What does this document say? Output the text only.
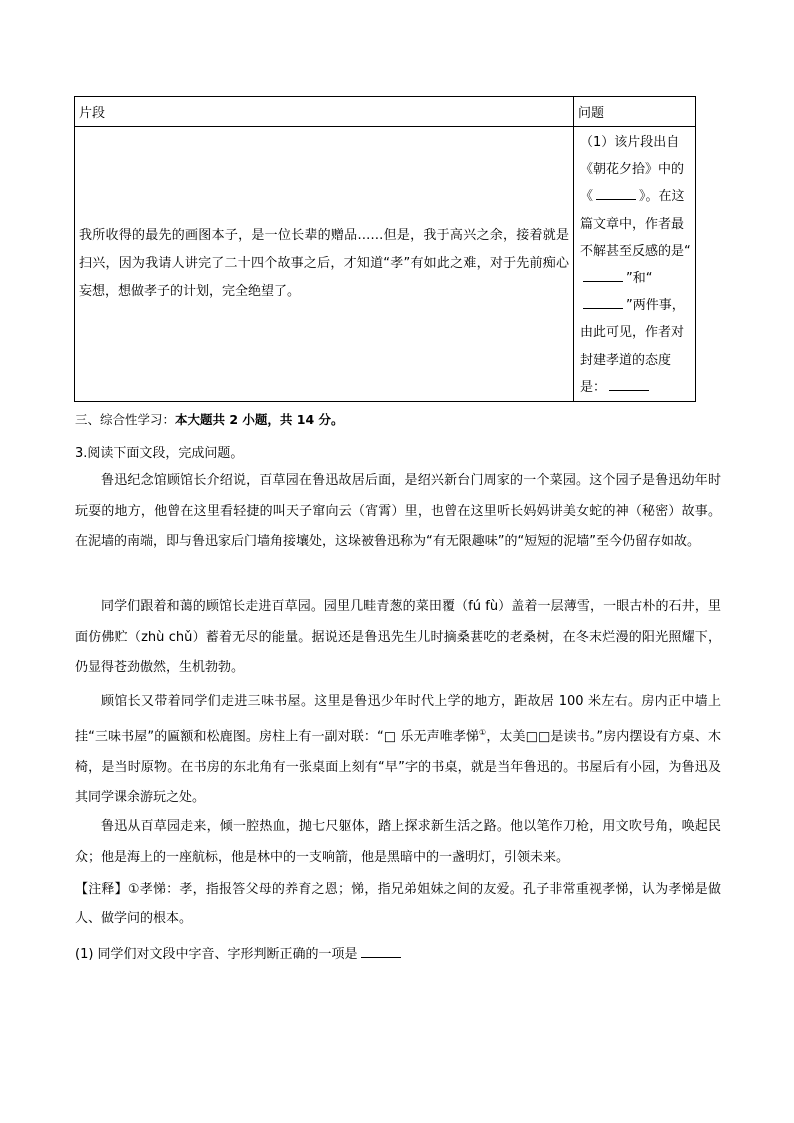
片段	问题

我所收得的最先的画图本子，是一位长辈的赠品……但是，我于高兴之余，接着就是扫兴，因为我请人讲完了二十四个故事之后，才知道“孝”有如此之难，对于先前痴心妄想，想做孝子的计划，完全绝望了。	（1）该片段出自《朝花夕拾》中的《 》。在这篇文章中，作者最不解甚至反感的是“”和“”两件事，由此可见，作者对封建孝道的态度是：
三、综合性学习：本大题共 2 小题，共 14 分。
3.阅读下面文段，完成问题。
鲁迅纪念馆顾馆长介绍说，百草园在鲁迅故居后面，是绍兴新台门周家的一个菜园。这个园子是鲁迅幼年时玩耍的地方，他曾在这里看轻捷的叫天子窜向云（宵霄）里，也曾在这里听长妈妈讲美女蛇的神（秘密）故事。在泥墙的南端，即与鲁迅家后门墙角接壤处，这垛被鲁迅称为“有无限趣味”的“短短的泥墙”至今仍留存如故。
同学们跟着和蔼的顾馆长走进百草园。园里几畦青葱的菜田覆（fú fù）盖着一层薄雪，一眼古朴的石井，里面仿佛贮（zhù chǔ）蓄着无尽的能量。据说还是鲁迅先生儿时摘桑葚吃的老桑树，在冬末烂漫的阳光照耀下，仍显得苍劲傲然，生机勃勃。
顾馆长又带着同学们走进三味书屋。这里是鲁迅少年时代上学的地方，距故居 100 米左右。房内正中墙上挂“三味书屋”的匾额和松鹿图。房柱上有一副对联：“□ 乐无声唯孝悌①，太美□□是读书。”房内摆设有方桌、木椅，是当时原物。在书房的东北角有一张桌面上刻有“早”字的书桌，就是当年鲁迅的。书屋后有小园，为鲁迅及其同学课余游玩之处。
鲁迅从百草园走来，倾一腔热血，抛七尺躯体，踏上探求新生活之路。他以笔作刀枪，用文吹号角，唤起民众；他是海上的一座航标，他是林中的一支响箭，他是黑暗中的一盏明灯，引领未来。
【注释】①孝悌：孝，指报答父母的养育之恩；悌，指兄弟姐妹之间的友爱。孔子非常重视孝悌，认为孝悌是做人、做学问的根本。
(1) 同学们对文段中字音、字形判断正确的一项是
